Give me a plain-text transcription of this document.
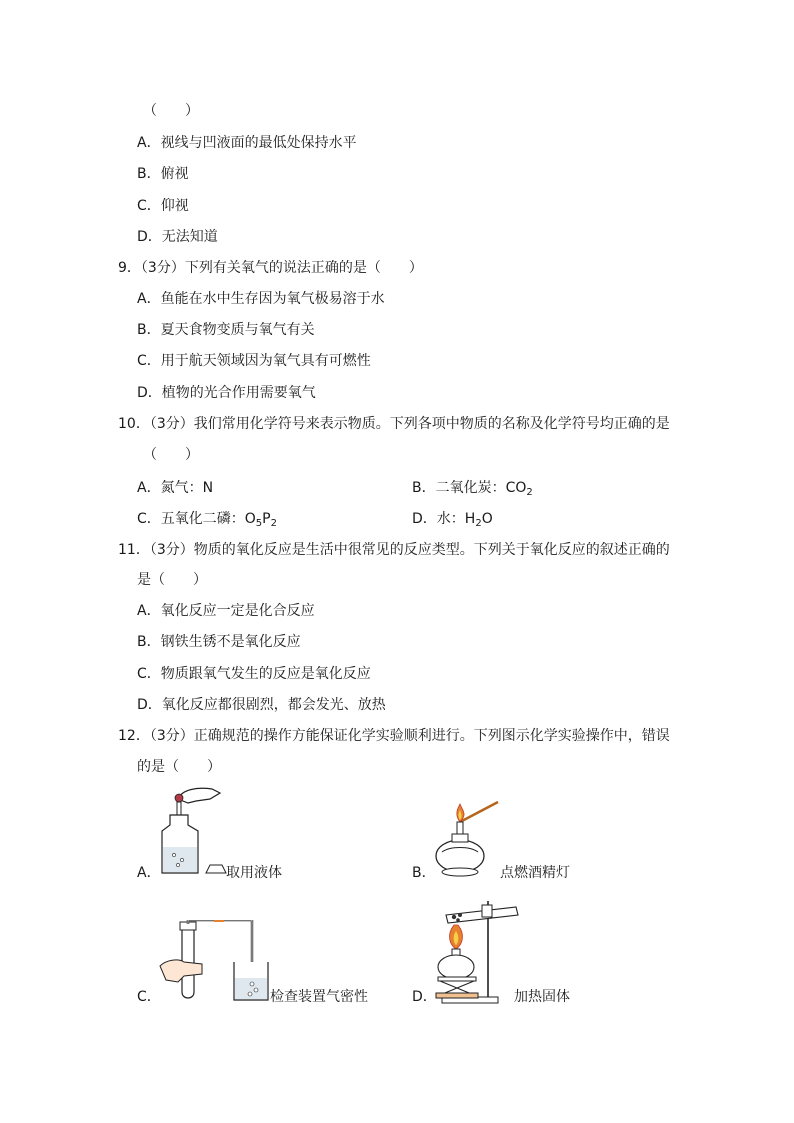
（　　）
A．视线与凹液面的最低处保持水平
B．俯视
C．仰视
D．无法知道
9．（3分）下列有关氧气的说法正确的是（　　）
A．鱼能在水中生存因为氧气极易溶于水
B．夏天食物变质与氧气有关
C．用于航天领域因为氧气具有可燃性
D．植物的光合作用需要氧气
10．（3分）我们常用化学符号来表示物质。下列各项中物质的名称及化学符号均正确的是
（　　）
A．氮气：N	B．二氧化炭：$CO_2$
C．五氧化二磷：$O_5P_2$	D．水：$H_2O$
11．（3分）物质的氧化反应是生活中很常见的反应类型。下列关于氧化反应的叙述正确的
是（　　）
A．氧化反应一定是化合反应
B．钢铁生锈不是氧化反应
C．物质跟氧气发生的反应是氧化反应
D．氧化反应都很剧烈，都会发光、放热
12．（3分）正确规范的操作方能保证化学实验顺利进行。下列图示化学实验操作中，错误
的是（　　）
A．	取用液体	B．	点燃酒精灯
C．	检查装置气密性	D．	加热固体
